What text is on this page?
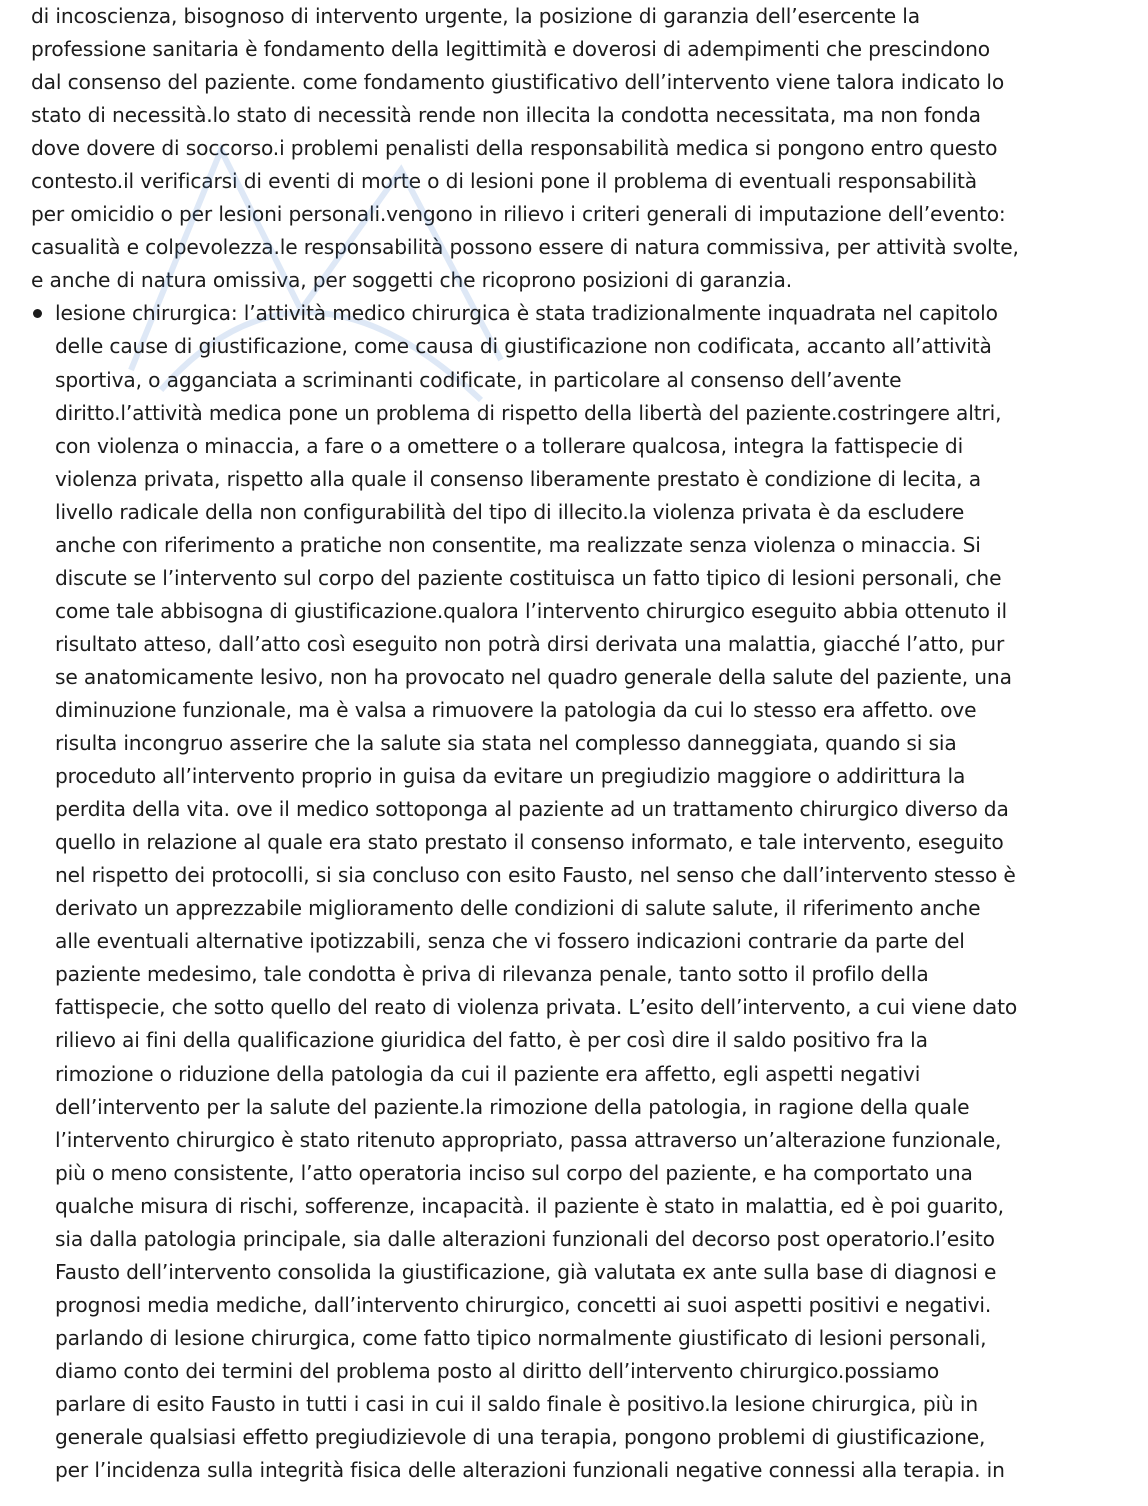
di incoscienza, bisognoso di intervento urgente, la posizione di garanzia dell’esercente la
professione sanitaria è fondamento della legittimità e doverosi di adempimenti che prescindono
dal consenso del paziente. come fondamento giustificativo dell’intervento viene talora indicato lo
stato di necessità.lo stato di necessità rende non illecita la condotta necessitata, ma non fonda
dove dovere di soccorso.i problemi penalisti della responsabilità medica si pongono entro questo
contesto.il verificarsi di eventi di morte o di lesioni pone il problema di eventuali responsabilità
per omicidio o per lesioni personali.vengono in rilievo i criteri generali di imputazione dell’evento:
casualità e colpevolezza.le responsabilità possono essere di natura commissiva, per attività svolte,
e anche di natura omissiva, per soggetti che ricoprono posizioni di garanzia.
lesione chirurgica: l’attività medico chirurgica è stata tradizionalmente inquadrata nel capitolo
delle cause di giustificazione, come causa di giustificazione non codificata, accanto all’attività
sportiva, o agganciata a scriminanti codificate, in particolare al consenso dell’avente
diritto.l’attività medica pone un problema di rispetto della libertà del paziente.costringere altri,
con violenza o minaccia, a fare o a omettere o a tollerare qualcosa, integra la fattispecie di
violenza privata, rispetto alla quale il consenso liberamente prestato è condizione di lecita, a
livello radicale della non configurabilità del tipo di illecito.la violenza privata è da escludere
anche con riferimento a pratiche non consentite, ma realizzate senza violenza o minaccia. Si
discute se l’intervento sul corpo del paziente costituisca un fatto tipico di lesioni personali, che
come tale abbisogna di giustificazione.qualora l’intervento chirurgico eseguito abbia ottenuto il
risultato atteso, dall’atto così eseguito non potrà dirsi derivata una malattia, giacché l’atto, pur
se anatomicamente lesivo, non ha provocato nel quadro generale della salute del paziente, una
diminuzione funzionale, ma è valsa a rimuovere la patologia da cui lo stesso era affetto. ove
risulta incongruo asserire che la salute sia stata nel complesso danneggiata, quando si sia
proceduto all’intervento proprio in guisa da evitare un pregiudizio maggiore o addirittura la
perdita della vita. ove il medico sottoponga al paziente ad un trattamento chirurgico diverso da
quello in relazione al quale era stato prestato il consenso informato, e tale intervento, eseguito
nel rispetto dei protocolli, si sia concluso con esito Fausto, nel senso che dall’intervento stesso è
derivato un apprezzabile miglioramento delle condizioni di salute salute, il riferimento anche
alle eventuali alternative ipotizzabili, senza che vi fossero indicazioni contrarie da parte del
paziente medesimo, tale condotta è priva di rilevanza penale, tanto sotto il profilo della
fattispecie, che sotto quello del reato di violenza privata. L’esito dell’intervento, a cui viene dato
rilievo ai fini della qualificazione giuridica del fatto, è per così dire il saldo positivo fra la
rimozione o riduzione della patologia da cui il paziente era affetto, egli aspetti negativi
dell’intervento per la salute del paziente.la rimozione della patologia, in ragione della quale
l’intervento chirurgico è stato ritenuto appropriato, passa attraverso un’alterazione funzionale,
più o meno consistente, l’atto operatoria inciso sul corpo del paziente, e ha comportato una
qualche misura di rischi, sofferenze, incapacità. il paziente è stato in malattia, ed è poi guarito,
sia dalla patologia principale, sia dalle alterazioni funzionali del decorso post operatorio.l’esito
Fausto dell’intervento consolida la giustificazione, già valutata ex ante sulla base di diagnosi e
prognosi media mediche, dall’intervento chirurgico, concetti ai suoi aspetti positivi e negativi.
parlando di lesione chirurgica, come fatto tipico normalmente giustificato di lesioni personali,
diamo conto dei termini del problema posto al diritto dell’intervento chirurgico.possiamo
parlare di esito Fausto in tutti i casi in cui il saldo finale è positivo.la lesione chirurgica, più in
generale qualsiasi effetto pregiudizievole di una terapia, pongono problemi di giustificazione,
per l’incidenza sulla integrità fisica delle alterazioni funzionali negative connessi alla terapia. in
